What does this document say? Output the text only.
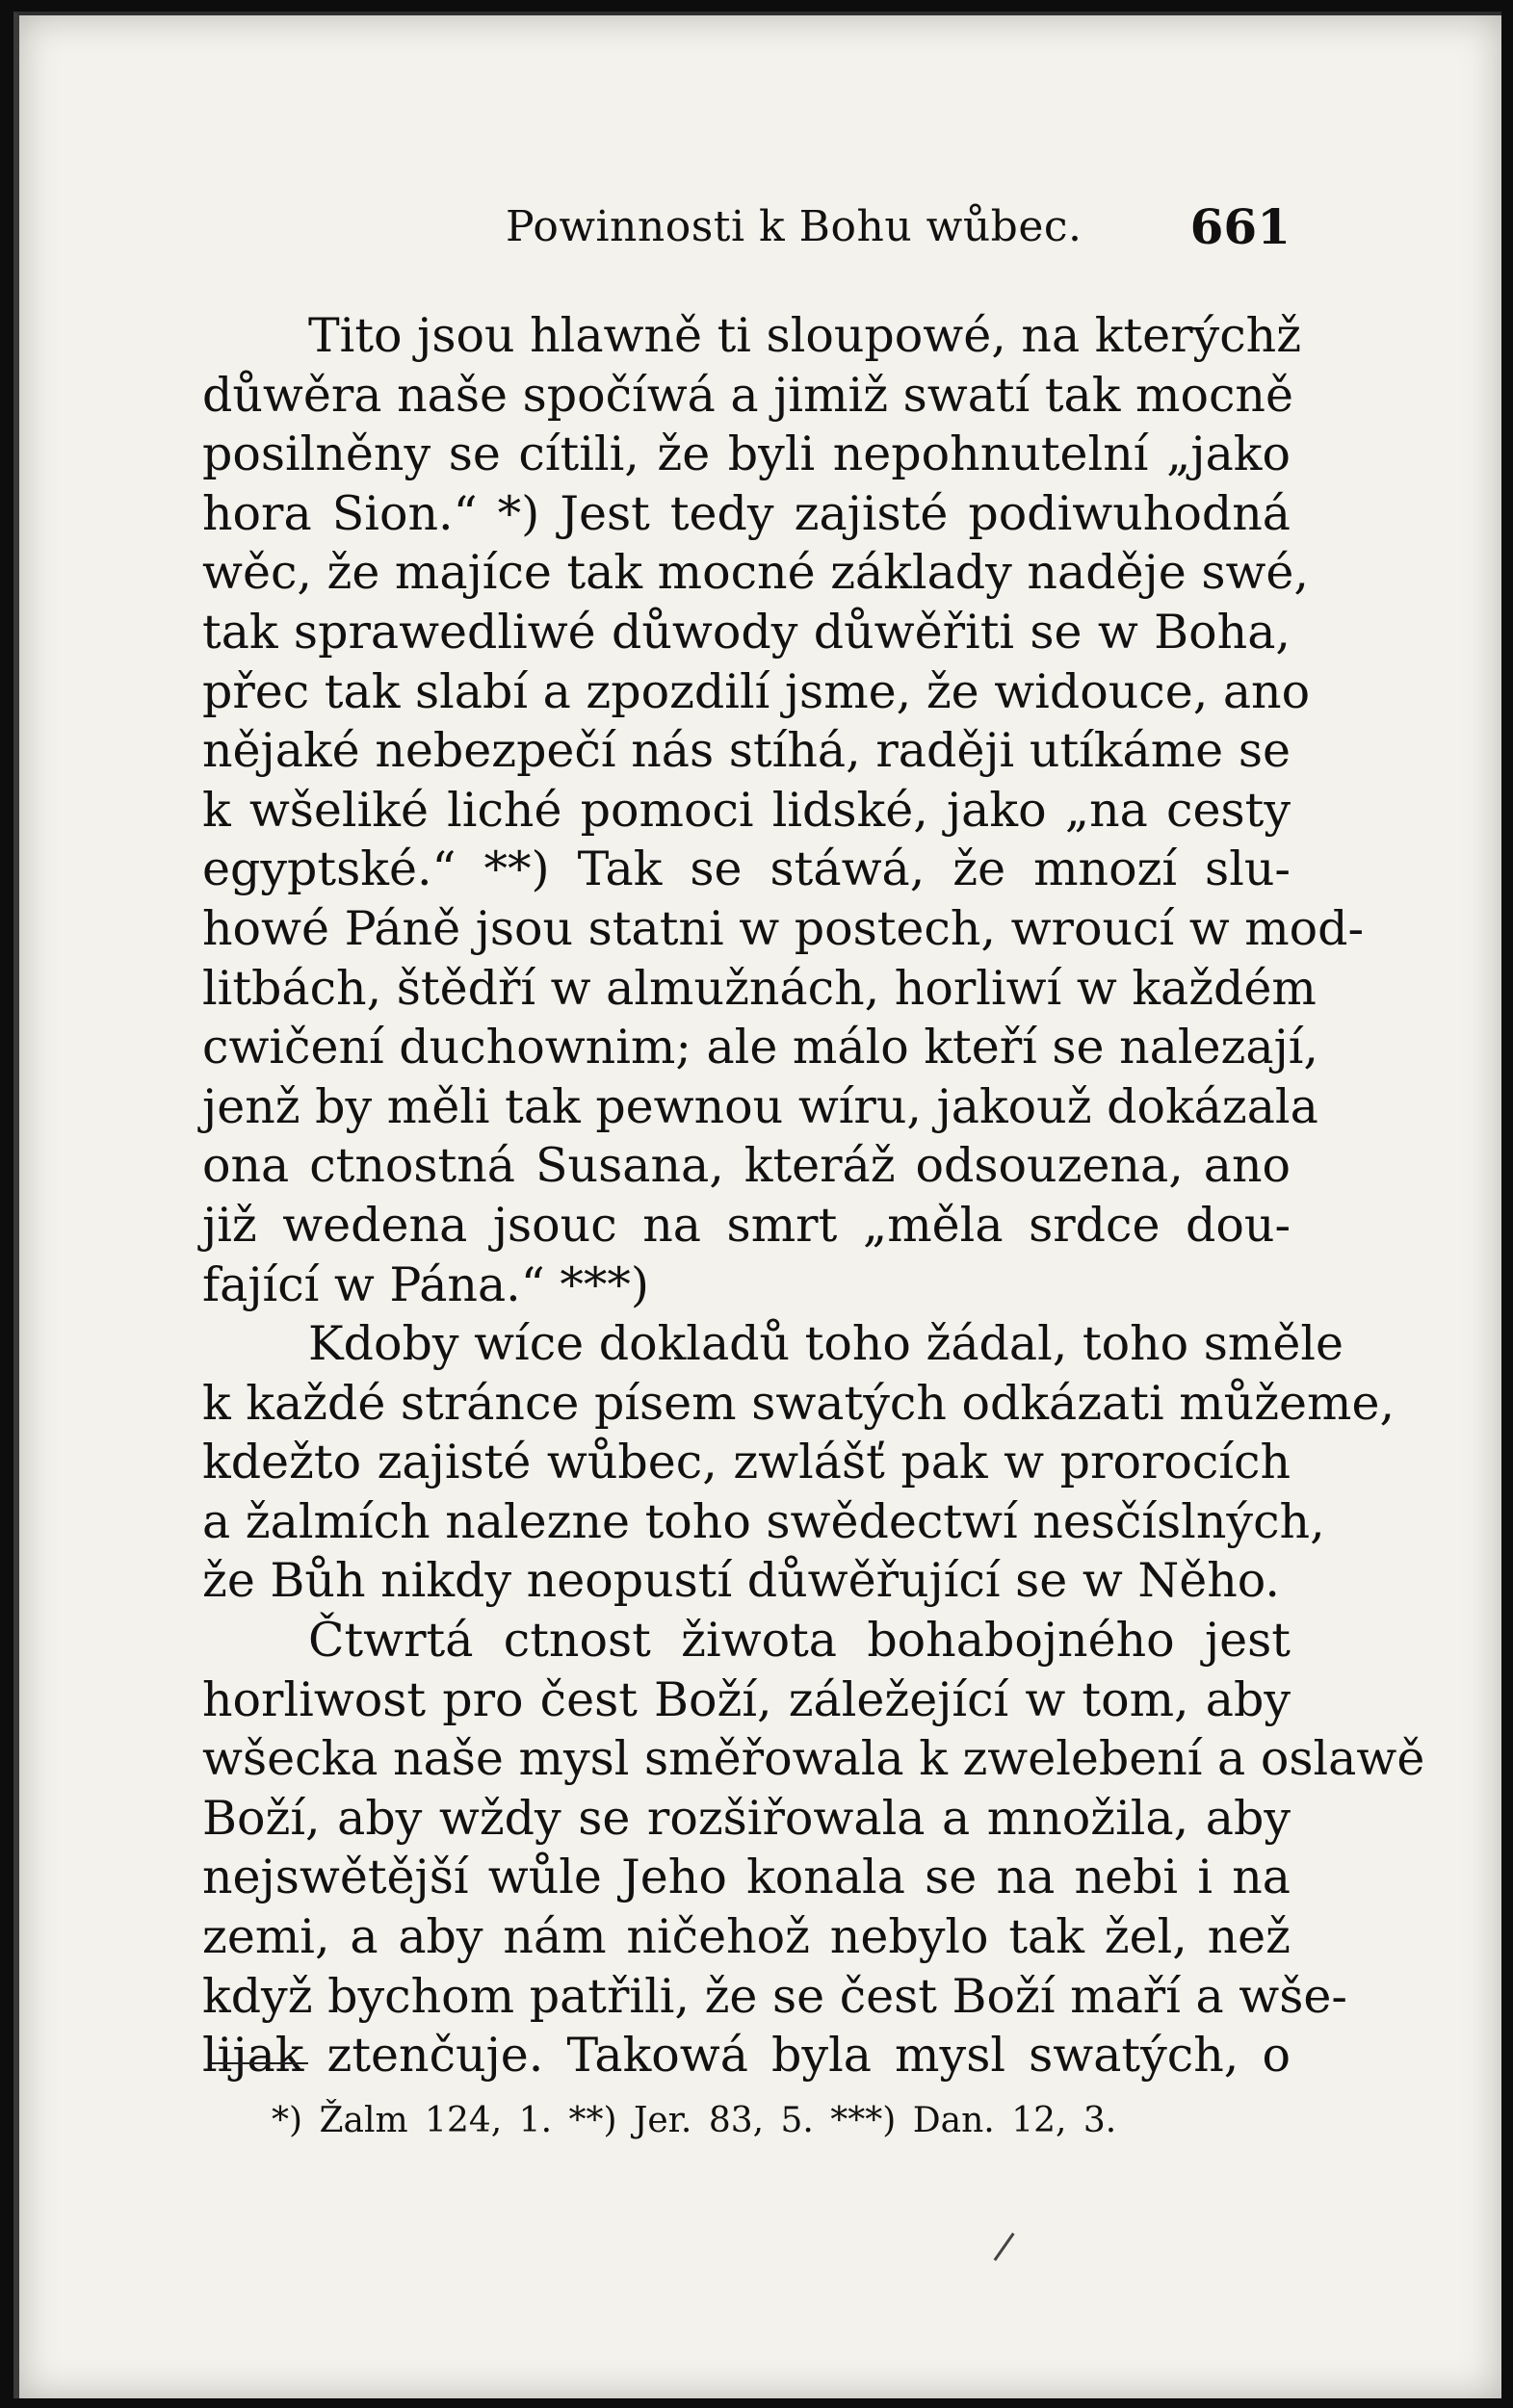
Powinnosti k Bohu wůbec. 661
Tito jsou hlawně ti sloupowé, na kterýchž
důwěra naše spočíwá a jimiž swatí tak mocně
posilněny se cítili, že byli nepohnutelní „jako
hora Sion.“ *) Jest tedy zajisté podiwuhodná
wěc, že majíce tak mocné základy naděje swé,
tak sprawedliwé důwody důwěřiti se w Boha,
přec tak slabí a zpozdilí jsme, že widouce, ano
nějaké nebezpečí nás stíhá, raději utíkáme se
k wšeliké liché pomoci lidské, jako „na cesty
egyptské.“ **) Tak se stáwá, že mnozí slu-
howé Páně jsou statni w postech, wroucí w mod-
litbách, štědří w almužnách, horliwí w každém
cwičení duchownim; ale málo kteří se nalezají,
jenž by měli tak pewnou wíru, jakouž dokázala
ona ctnostná Susana, kteráž odsouzena, ano
již wedena jsouc na smrt „měla srdce dou-
fající w Pána.“ ***)
Kdoby wíce dokladů toho žádal, toho směle
k každé stránce písem swatých odkázati můžeme,
kdežto zajisté wůbec, zwlášť pak w prorocích
a žalmích nalezne toho swědectwí nesčíslných,
že Bůh nikdy neopustí důwěřující se w Něho.
Čtwrtá ctnost žiwota bohabojného jest
horliwost pro čest Boží, záležející w tom, aby
wšecka naše mysl směřowala k zwelebení a oslawě
Boží, aby wždy se rozšiřowala a množila, aby
nejswětější wůle Jeho konala se na nebi i na
zemi, a aby nám ničehož nebylo tak žel, než
když bychom patřili, že se čest Boží maří a wše-
lijak ztenčuje. Takowá byla mysl swatých, o
*) Žalm 124, 1. **) Jer. 83, 5. ***) Dan. 12, 3.
